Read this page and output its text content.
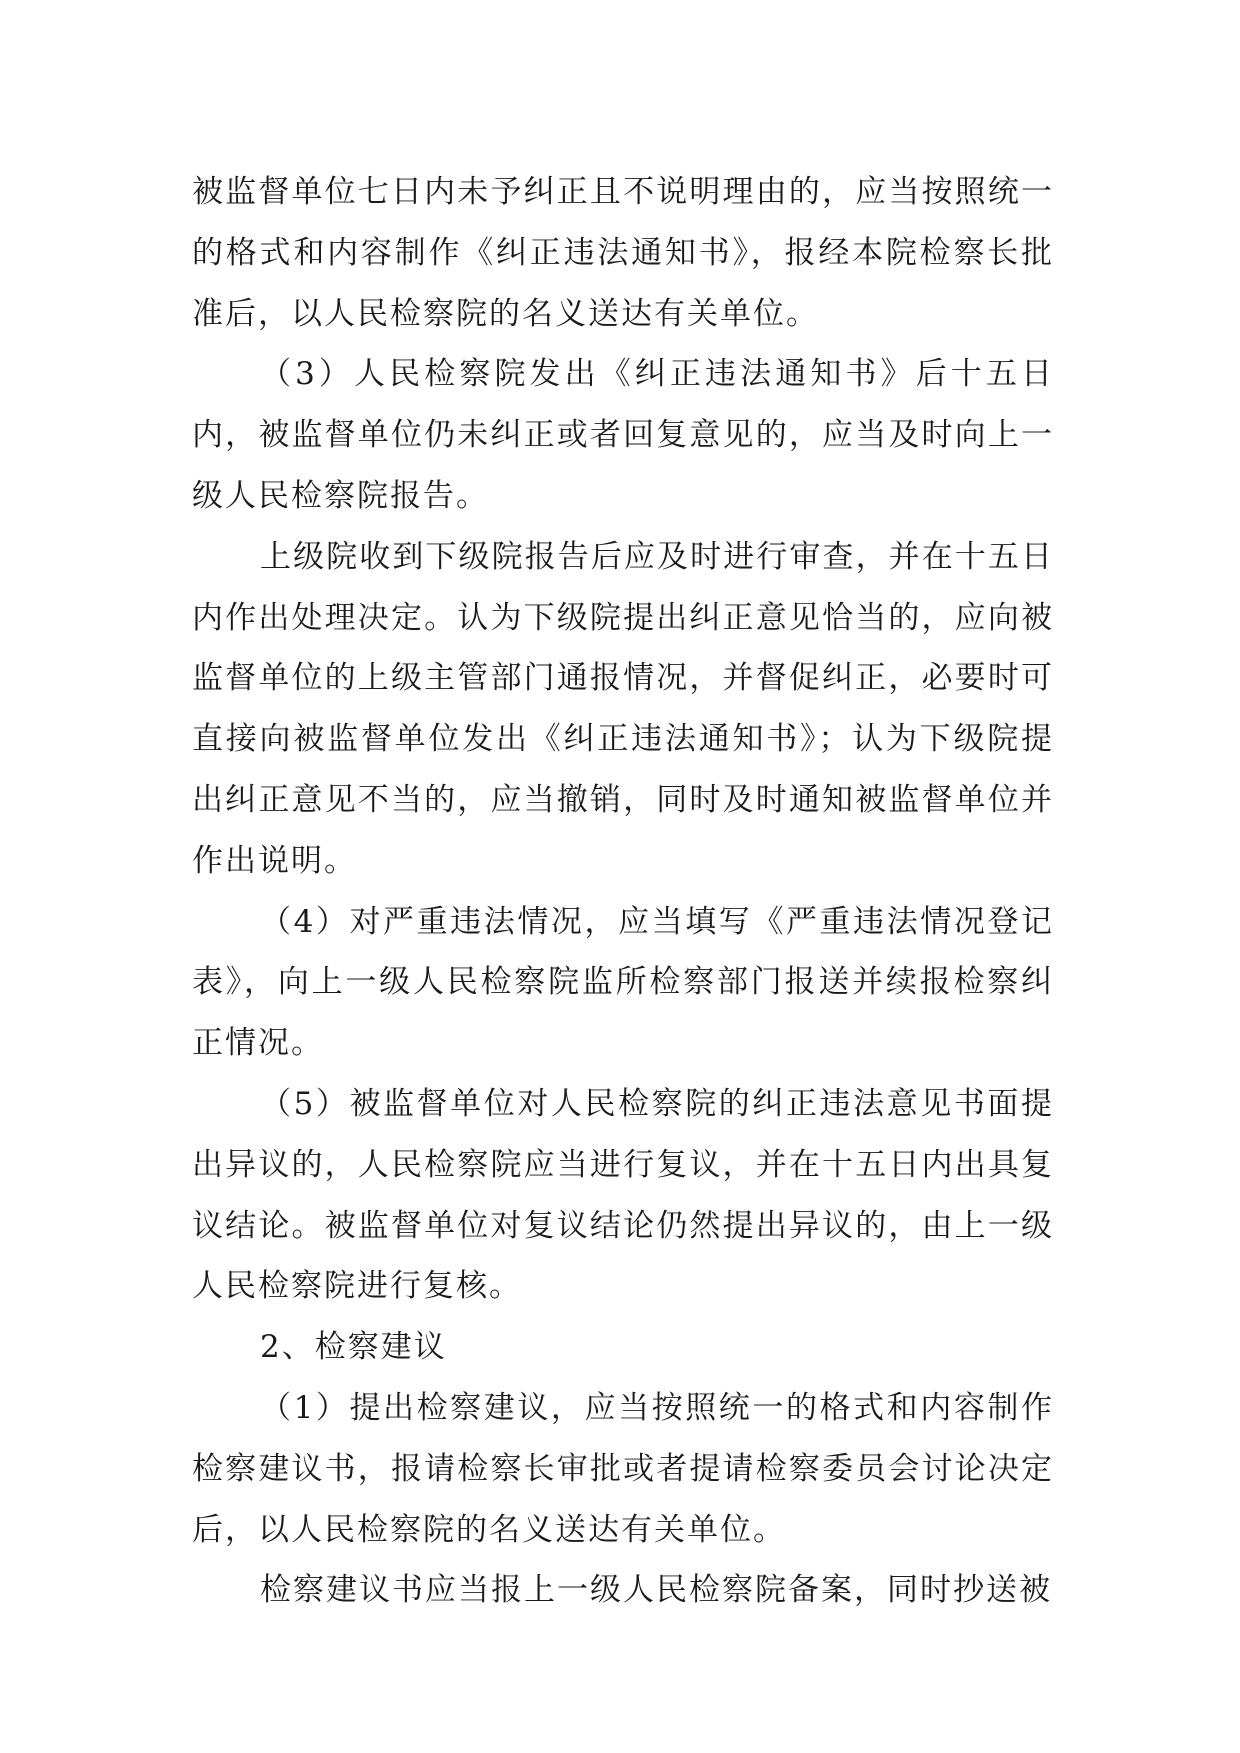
被监督单位七日内未予纠正且不说明理由的，应当按照统一的格式和内容制作《纠正违法通知书》，报经本院检察长批准后，以人民检察院的名义送达有关单位。

（3）人民检察院发出《纠正违法通知书》后十五日内，被监督单位仍未纠正或者回复意见的，应当及时向上一级人民检察院报告。

上级院收到下级院报告后应及时进行审查，并在十五日内作出处理决定。认为下级院提出纠正意见恰当的，应向被监督单位的上级主管部门通报情况，并督促纠正，必要时可直接向被监督单位发出《纠正违法通知书》；认为下级院提出纠正意见不当的，应当撤销，同时及时通知被监督单位并作出说明。

（4）对严重违法情况，应当填写《严重违法情况登记表》，向上一级人民检察院监所检察部门报送并续报检察纠正情况。

（5）被监督单位对人民检察院的纠正违法意见书面提出异议的，人民检察院应当进行复议，并在十五日内出具复议结论。被监督单位对复议结论仍然提出异议的，由上一级人民检察院进行复核。

2、检察建议

（1）提出检察建议，应当按照统一的格式和内容制作检察建议书，报请检察长审批或者提请检察委员会讨论决定后，以人民检察院的名义送达有关单位。

检察建议书应当报上一级人民检察院备案，同时抄送被
